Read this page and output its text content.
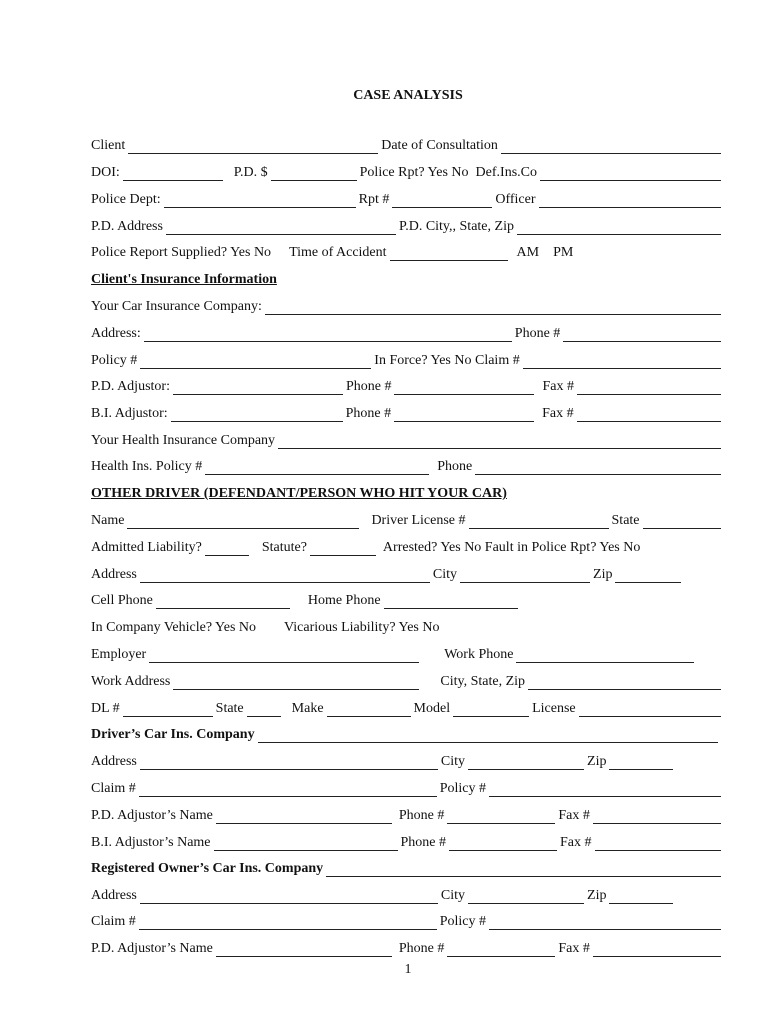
CASE ANALYSIS
Client	Date of Consultation
DOI:	P.D. $	Police Rpt? Yes No Def.Ins.Co
Police Dept:	Rpt #	Officer
P.D. Address	P.D. City,, State, Zip
Police Report Supplied? Yes No Time of Accident	AM PM
Client's Insurance Information
Your Car Insurance Company:
Address:	Phone #
Policy #	In Force? Yes No Claim #
P.D. Adjustor:	Phone #	Fax #
B.I. Adjustor:	Phone #	Fax #
Your Health Insurance Company
Health Ins. Policy #	Phone
OTHER DRIVER (DEFENDANT/PERSON WHO HIT YOUR CAR)
Name	Driver License #	State
Admitted Liability?	Statute?	Arrested? Yes No Fault in Police Rpt? Yes No
Address	City	Zip
Cell Phone	Home Phone
In Company Vehicle? Yes No Vicarious Liability? Yes No
Employer	Work Phone
Work Address	City, State, Zip
DL #	State	Make	Model	License
Driver’s Car Ins. Company
Address	City	Zip
Claim #	Policy #
P.D. Adjustor’s Name	Phone #	Fax #
B.I. Adjustor’s Name	Phone #	Fax #
Registered Owner’s Car Ins. Company
Address	City	Zip
Claim #	Policy #
P.D. Adjustor’s Name	Phone #	Fax #
1
